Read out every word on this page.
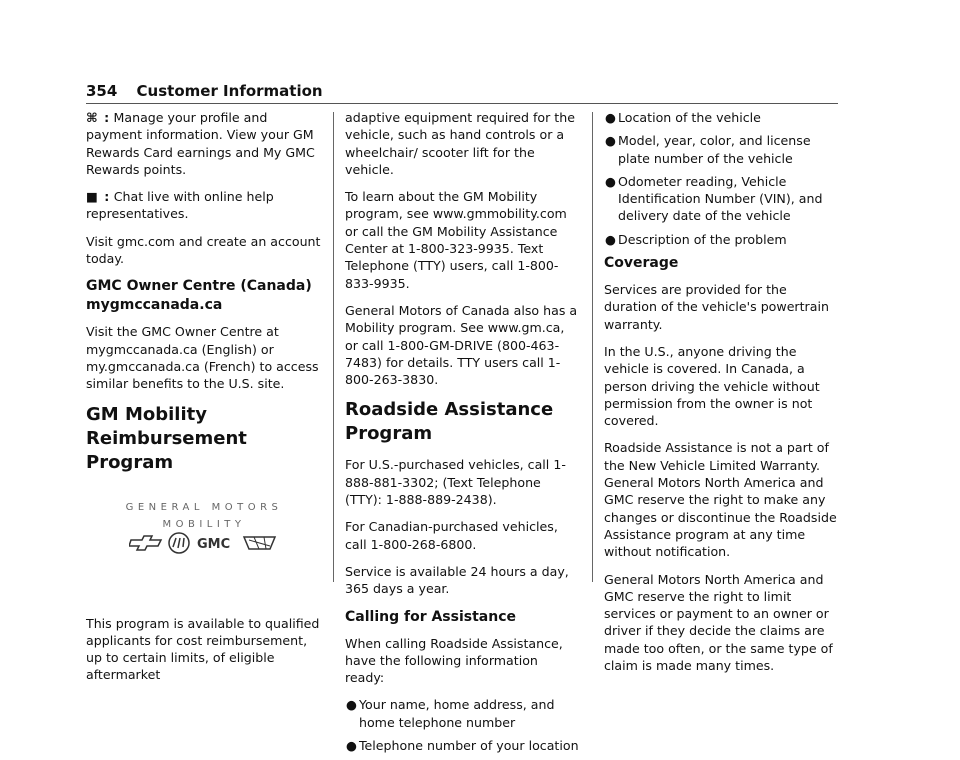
354 Customer Information

⌘ : Manage your profile and payment information. View your GM Rewards Card earnings and My GMC Rewards points.

■ : Chat live with online help representatives.

Visit gmc.com and create an account today.

GMC Owner Centre (Canada)
mygmccanada.ca

Visit the GMC Owner Centre at mygmccanada.ca (English) or my.gmccanada.ca (French) to access similar benefits to the U.S. site.

GM Mobility Reimbursement
Program
GENERAL MOTORS MOBILITY
GMC

This program is available to qualified applicants for cost reimbursement, up to certain limits, of eligible aftermarket

adaptive equipment required for the vehicle, such as hand controls or a wheelchair/ scooter lift for the vehicle.

To learn about the GM Mobility program, see www.gmmobility.com or call the GM Mobility Assistance Center at 1-800-323-9935. Text Telephone (TTY) users, call 1-800-833-9935.

General Motors of Canada also has a Mobility program. See www.gm.ca, or call 1-800-GM-DRIVE (800-463-7483) for details. TTY users call 1-800-263-3830.

Roadside Assistance Program

For U.S.-purchased vehicles, call 1-888-881-3302; (Text Telephone (TTY): 1-888-889-2438).

For Canadian-purchased vehicles, call 1-800-268-6800.

Service is available 24 hours a day, 365 days a year.

Calling for Assistance

When calling Roadside Assistance, have the following information ready:

● Your name, home address, and home telephone number
● Telephone number of your location
● Location of the vehicle
● Model, year, color, and license plate number of the vehicle
● Odometer reading, Vehicle Identification Number (VIN), and delivery date of the vehicle
● Description of the problem
Coverage

Services are provided for the duration of the vehicle's powertrain warranty.

In the U.S., anyone driving the vehicle is covered. In Canada, a person driving the vehicle without permission from the owner is not covered.

Roadside Assistance is not a part of the New Vehicle Limited Warranty. General Motors North America and GMC reserve the right to make any changes or discontinue the Roadside Assistance program at any time without notification.

General Motors North America and GMC reserve the right to limit services or payment to an owner or driver if they decide the claims are made too often, or the same type of claim is made many times.
